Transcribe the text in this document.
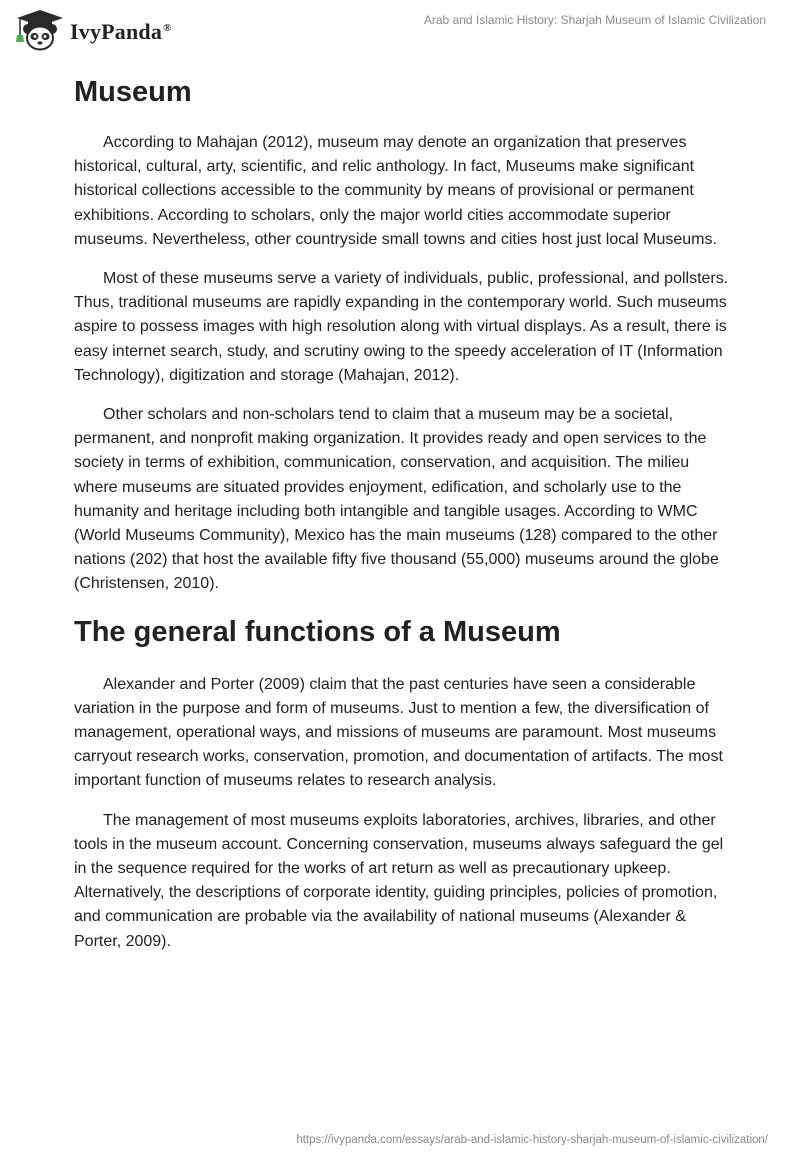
IvyPanda®
Arab and Islamic History: Sharjah Museum of Islamic Civilization
Museum

According to Mahajan (2012), museum may denote an organization that preserves historical, cultural, arty, scientific, and relic anthology. In fact, Museums make significant historical collections accessible to the community by means of provisional or permanent exhibitions. According to scholars, only the major world cities accommodate superior museums. Nevertheless, other countryside small towns and cities host just local Museums.

Most of these museums serve a variety of individuals, public, professional, and pollsters. Thus, traditional museums are rapidly expanding in the contemporary world. Such museums aspire to possess images with high resolution along with virtual displays. As a result, there is easy internet search, study, and scrutiny owing to the speedy acceleration of IT (Information Technology), digitization and storage (Mahajan, 2012).

Other scholars and non-scholars tend to claim that a museum may be a societal, permanent, and nonprofit making organization. It provides ready and open services to the society in terms of exhibition, communication, conservation, and acquisition. The milieu where museums are situated provides enjoyment, edification, and scholarly use to the humanity and heritage including both intangible and tangible usages. According to WMC (World Museums Community), Mexico has the main museums (128) compared to the other nations (202) that host the available fifty five thousand (55,000) museums around the globe (Christensen, 2010).

The general functions of a Museum

Alexander and Porter (2009) claim that the past centuries have seen a considerable variation in the purpose and form of museums. Just to mention a few, the diversification of management, operational ways, and missions of museums are paramount. Most museums carryout research works, conservation, promotion, and documentation of artifacts. The most important function of museums relates to research analysis.

The management of most museums exploits laboratories, archives, libraries, and other tools in the museum account. Concerning conservation, museums always safeguard the gel in the sequence required for the works of art return as well as precautionary upkeep. Alternatively, the descriptions of corporate identity, guiding principles, policies of promotion, and communication are probable via the availability of national museums (Alexander & Porter, 2009).

https://ivypanda.com/essays/arab-and-islamic-history-sharjah-museum-of-islamic-civilization/
